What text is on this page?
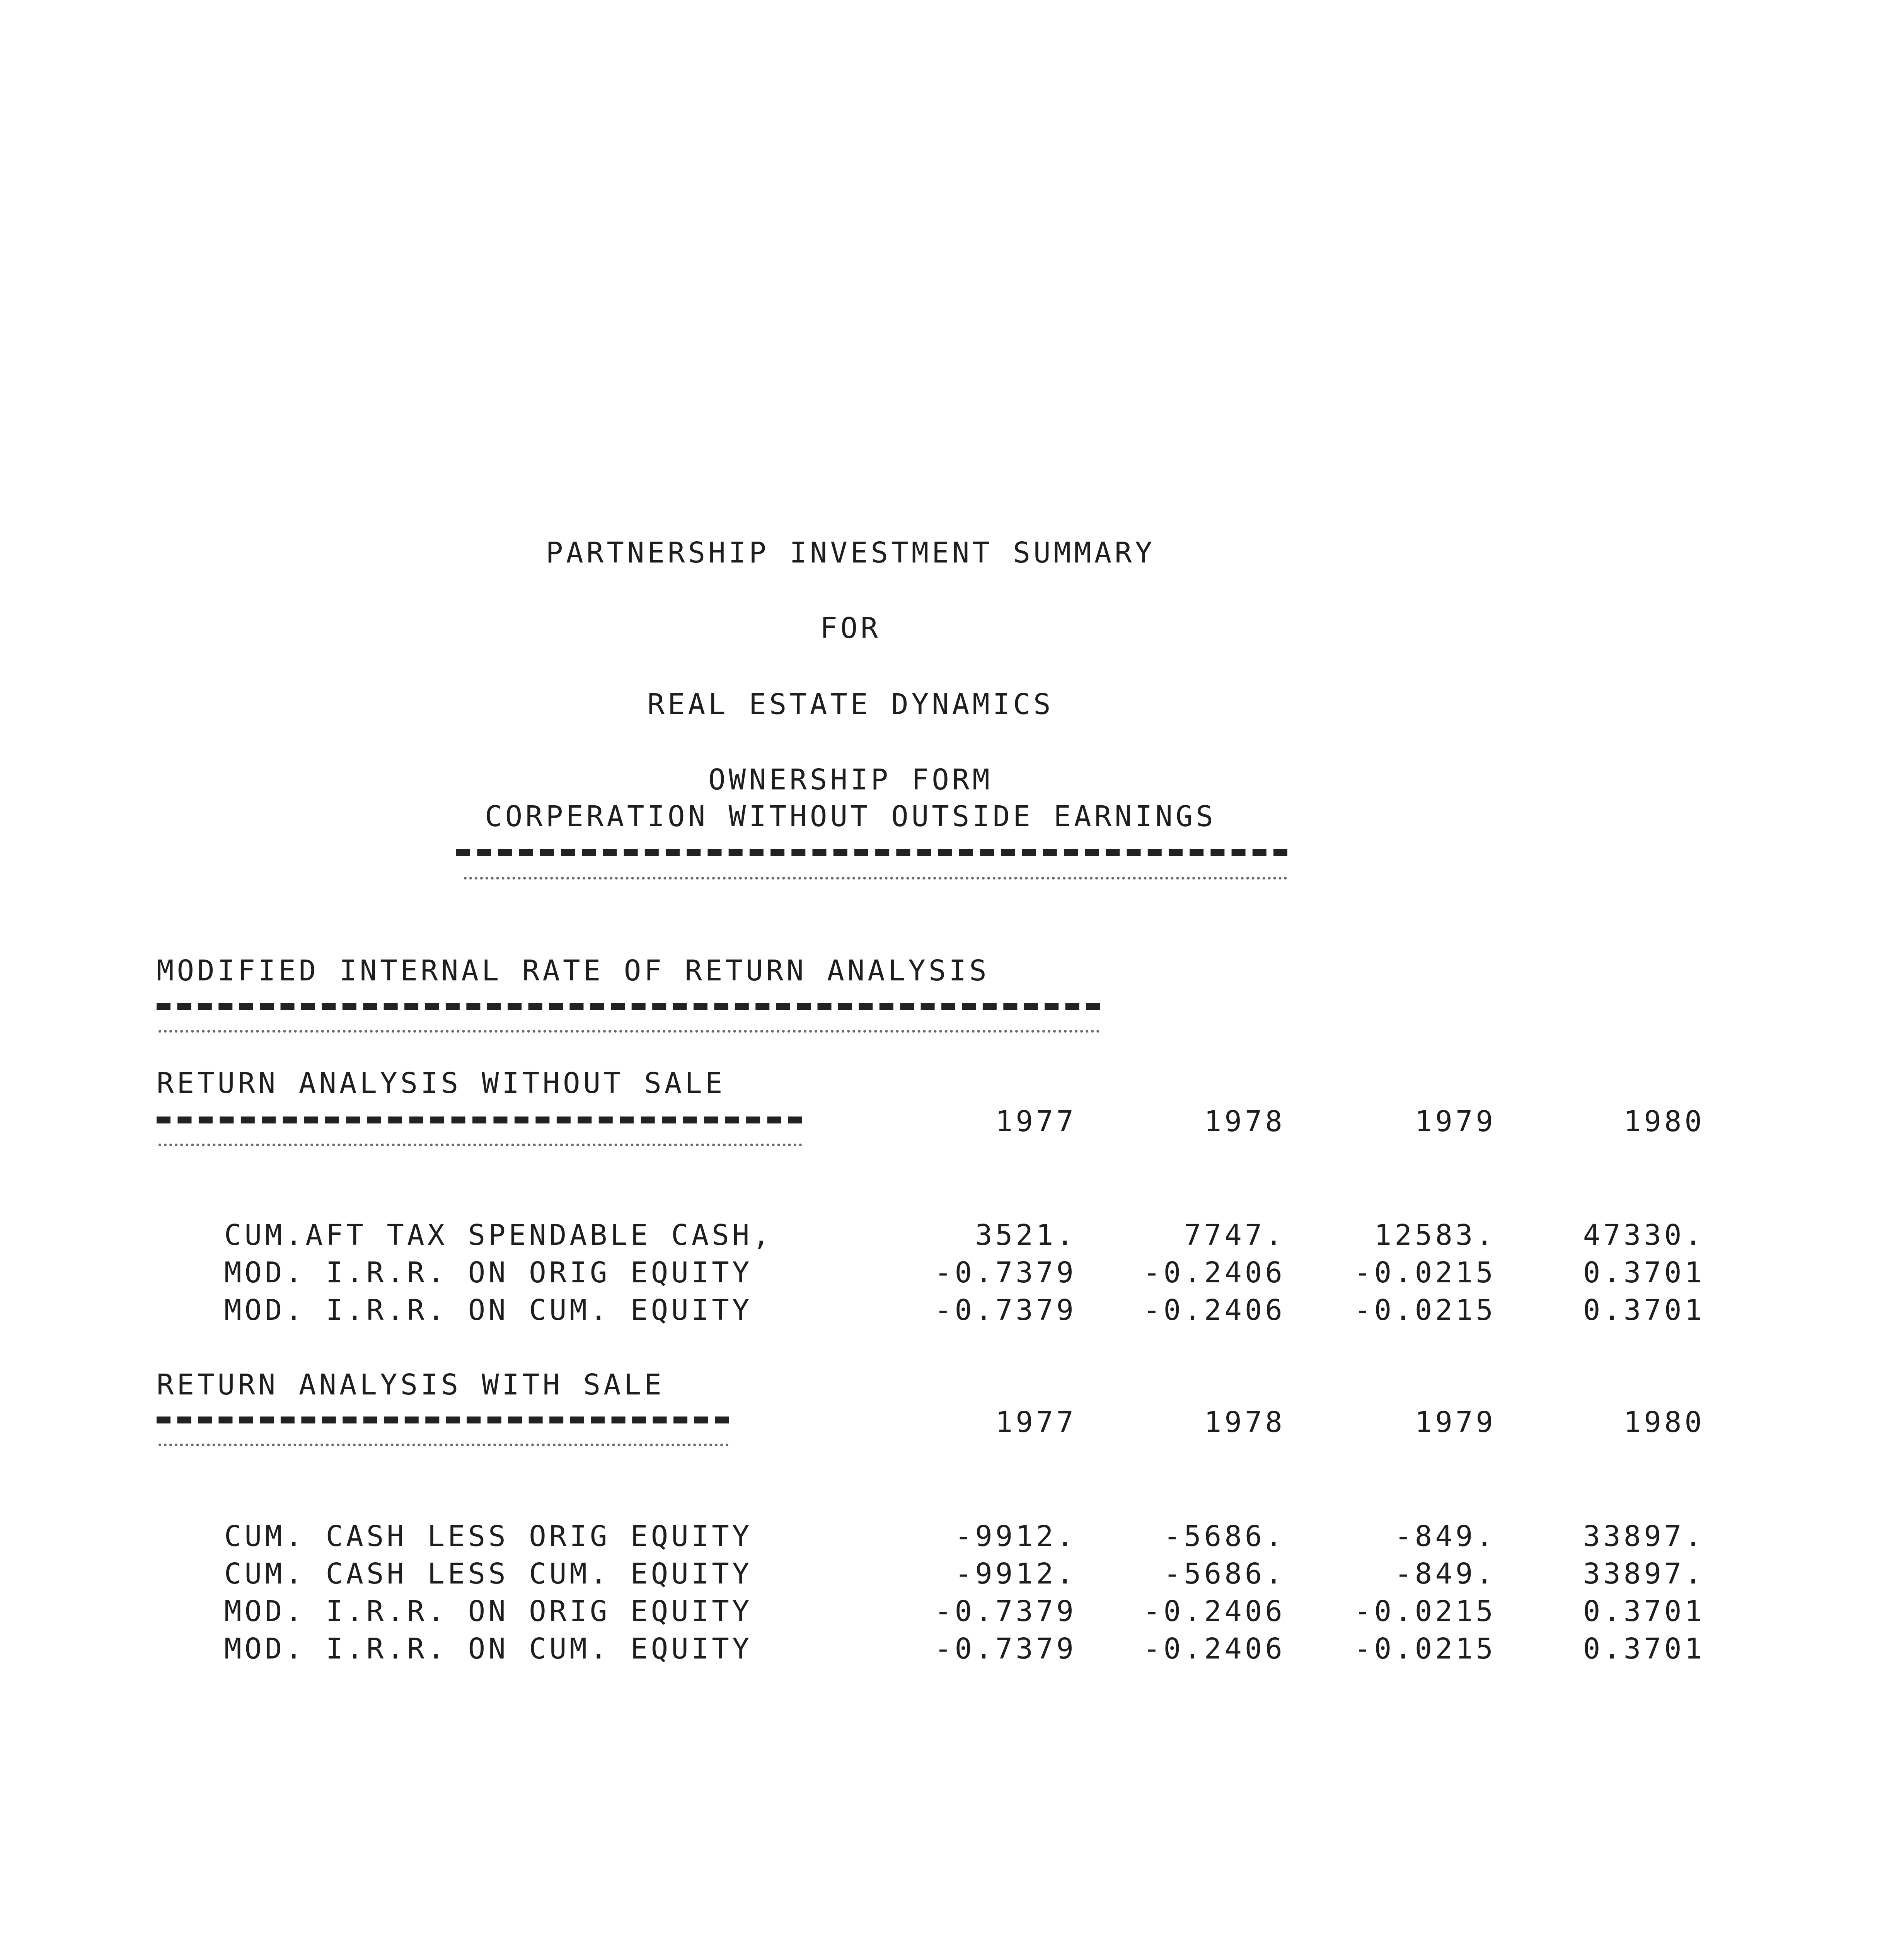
PARTNERSHIP INVESTMENT SUMMARY
FOR
REAL ESTATE DYNAMICS
OWNERSHIP FORM
CORPERATION WITHOUT OUTSIDE EARNINGS
MODIFIED INTERNAL RATE OF RETURN ANALYSIS
RETURN ANALYSIS WITHOUT SALE
1977	1978	1979	1980
CUM.AFT TAX SPENDABLE CASH,	3521.	7747.	12583.	47330.
MOD. I.R.R. ON ORIG EQUITY	-0.7379 -0.2406 -0.0215	0.3701
MOD. I.R.R. ON CUM. EQUITY	-0.7379 -0.2406 -0.0215	0.3701
RETURN ANALYSIS WITH SALE
1977	1978	1979	1980
CUM. CASH LESS ORIG EQUITY	-9912.	-5686.	-849.	33897.
CUM. CASH LESS CUM. EQUITY	-9912.	-5686.	-849.	33897.
MOD. I.R.R. ON ORIG EQUITY	-0.7379 -0.2406 -0.0215	0.3701
MOD. I.R.R. ON CUM. EQUITY	-0.7379 -0.2406 -0.0215	0.3701
